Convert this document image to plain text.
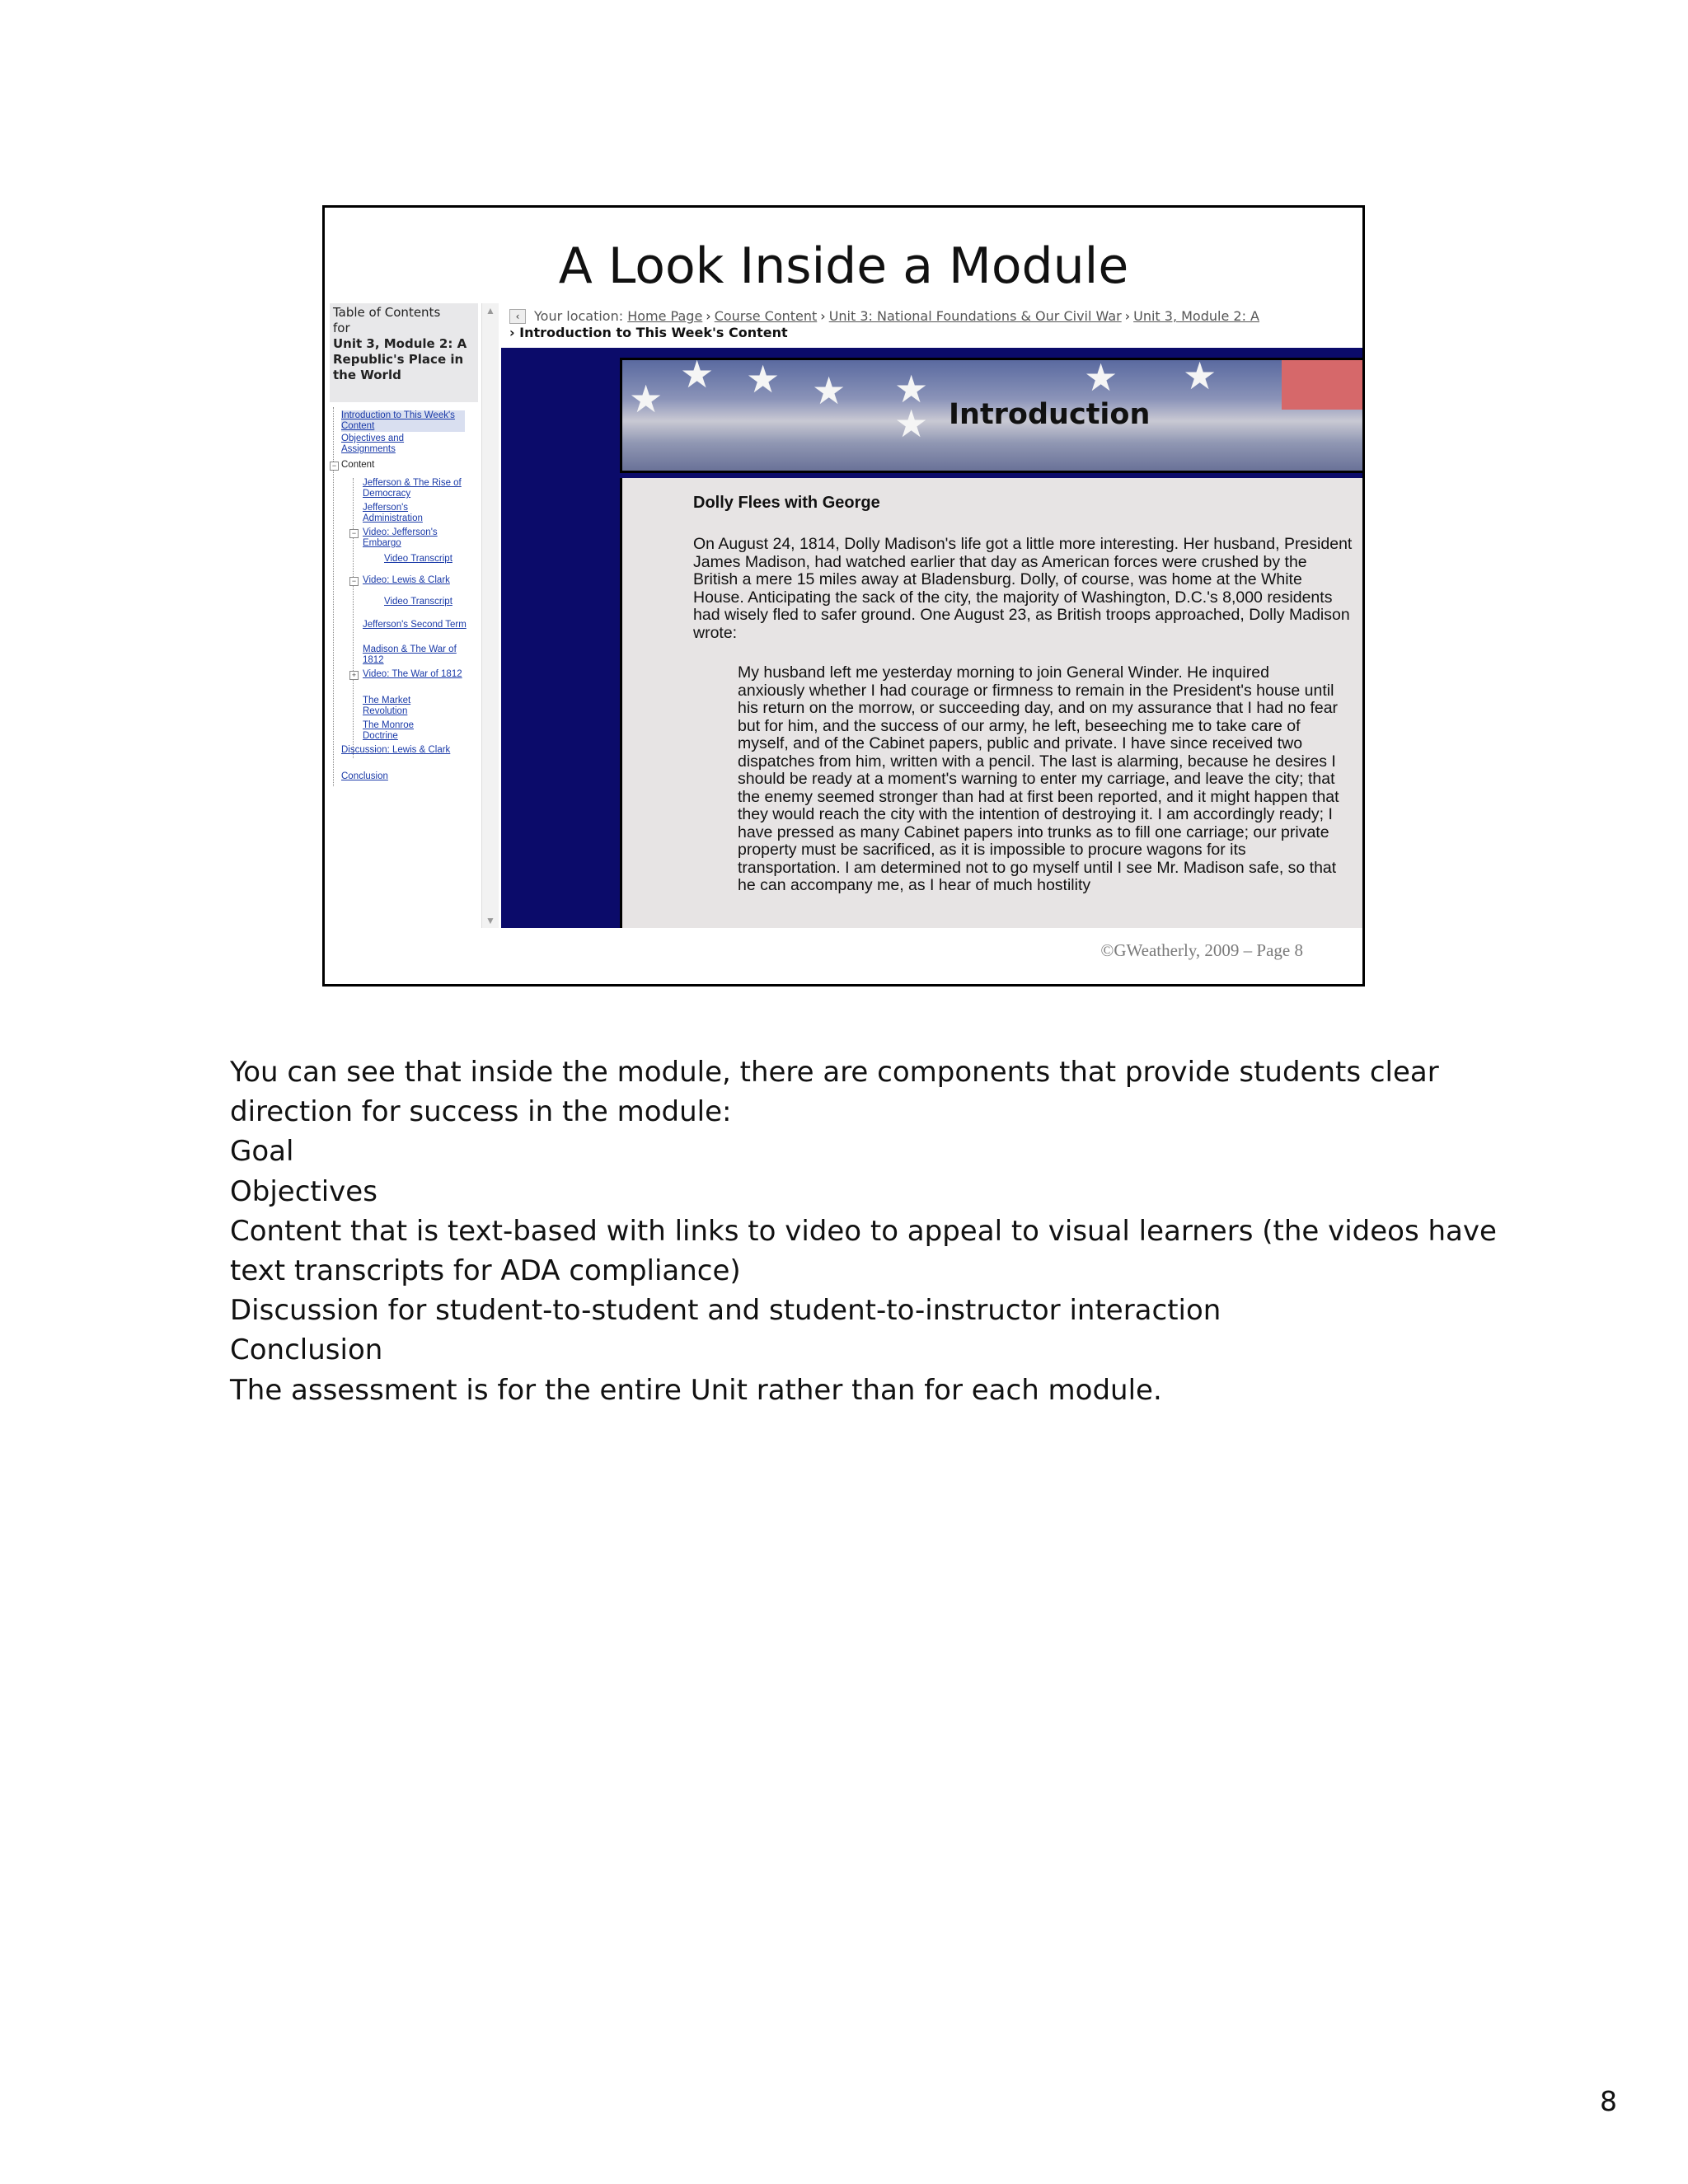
A Look Inside a Module
Table of Contents
for
Unit 3, Module 2: A Republic's Place in the World
Introduction to This Week's Content
Objectives and Assignments
− Content
Jefferson & The Rise of Democracy
Jefferson's Administration
− Video: Jefferson's Embargo
Video Transcript
− Video: Lewis & Clark
Video Transcript
Jefferson's Second Term
Madison & The War of 1812
+ Video: The War of 1812
The Market Revolution
The Monroe Doctrine
Discussion: Lewis & Clark
Conclusion
▲
▼
‹	Your location: Home Page › Course Content › Unit 3: National Foundations & Our Civil War › Unit 3, Module 2: A
› Introduction to This Week's Content
★ ★ ★
★	★
★
★ ★
Introduction
Dolly Flees with George
On August 24, 1814, Dolly Madison's life got a little more interesting. Her husband, President James Madison, had watched earlier that day as American forces were crushed by the British a mere 15 miles away at Bladensburg. Dolly, of course, was home at the White House. Anticipating the sack of the city, the majority of Washington, D.C.'s 8,000 residents had wisely fled to safer ground. One August 23, as British troops approached, Dolly Madison wrote:
My husband left me yesterday morning to join General Winder. He inquired anxiously whether I had courage or firmness to remain in the President's house until his return on the morrow, or succeeding day, and on my assurance that I had no fear but for him, and the success of our army, he left, beseeching me to take care of myself, and of the Cabinet papers, public and private. I have since received two dispatches from him, written with a pencil. The last is alarming, because he desires I should be ready at a moment's warning to enter my carriage, and leave the city; that the enemy seemed stronger than had at first been reported, and it might happen that they would reach the city with the intention of destroying it. I am accordingly ready; I have pressed as many Cabinet papers into trunks as to fill one carriage; our private property must be sacrificed, as it is impossible to procure wagons for its transportation. I am determined not to go myself until I see Mr. Madison safe, so that he can accompany me, as I hear of much hostility
©GWeatherly, 2009 – Page 8
You can see that inside the module, there are components that provide students clear
direction for success in the module:
Goal
Objectives
Content that is text-based with links to video to appeal to visual learners (the videos have
text transcripts for ADA compliance)
Discussion for student-to-student and student-to-instructor interaction
Conclusion
The assessment is for the entire Unit rather than for each module.
8
